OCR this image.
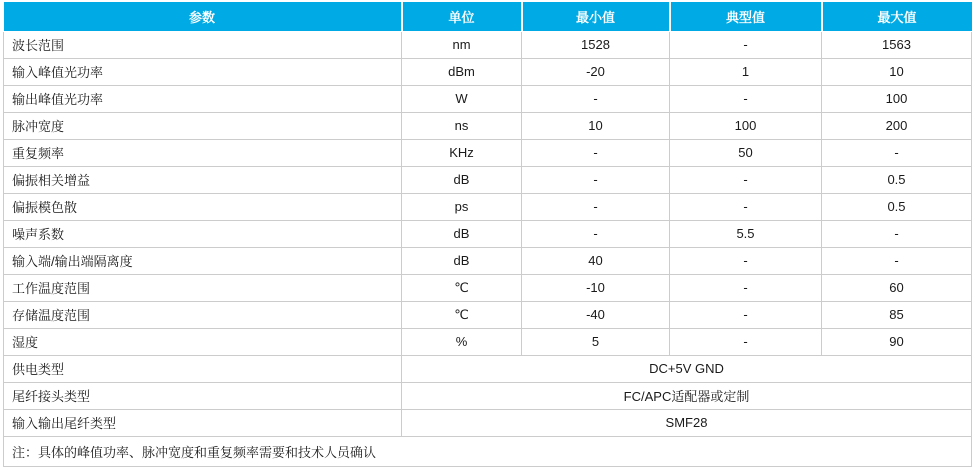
参数	单位	最小值	典型值	最大值
波长范围	nm	1528	-	1563
输入峰值光功率	dBm	-20	1	10
输出峰值光功率	W	-	-	100
脉冲宽度	ns	10	100	200
重复频率	KHz	-	50	-
偏振相关增益	dB	-	-	0.5
偏振模色散	ps	-	-	0.5
噪声系数	dB	-	5.5	-
输入端/输出端隔离度	dB	40	-	-
工作温度范围	℃	-10	-	60
存储温度范围	℃	-40	-	85
湿度	%	5	-	90
供电类型	DC+5V GND			
尾纤接头类型	FC/APC适配器或定制			
输入输出尾纤类型	SMF28			
注：具体的峰值功率、脉冲宽度和重复频率需要和技术人员确认				
